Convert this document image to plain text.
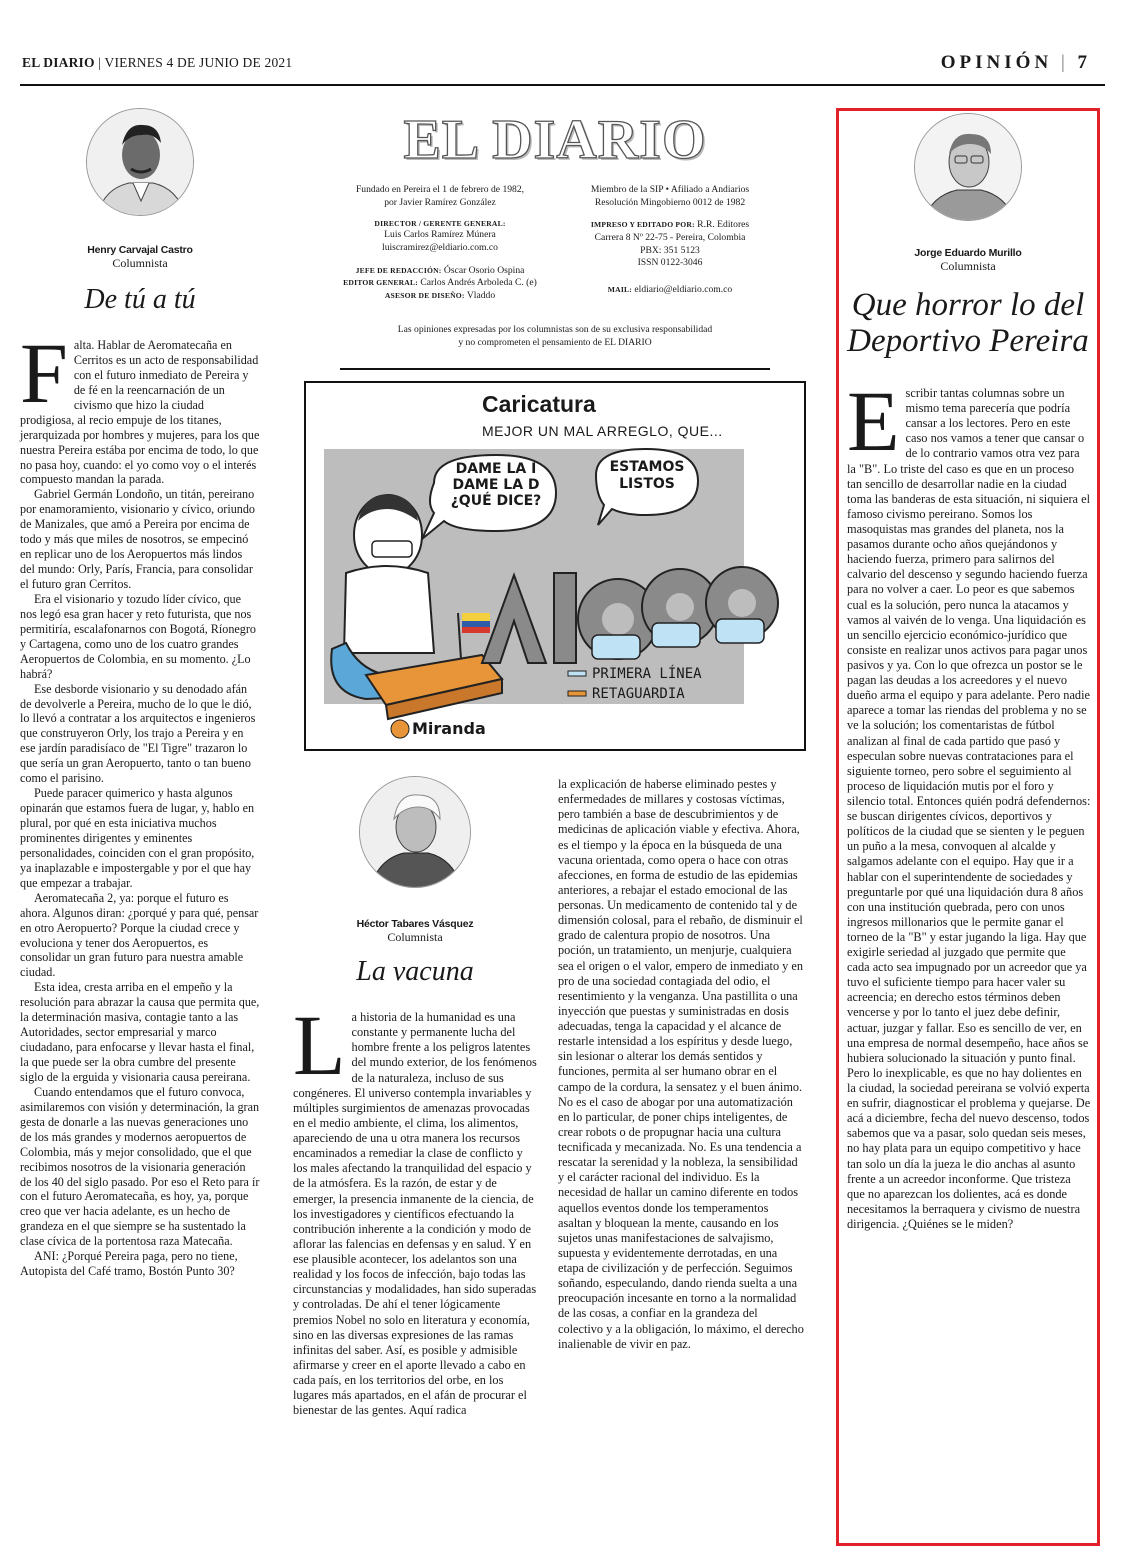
EL DIARIO | VIERNES 4 DE JUNIO DE 2021	OPINIÓN | 7
Henry Carvajal Castro
Columnista
De tú a tú
F alta. Hablar de Aeromatecaña en Cerritos es un acto de responsabilidad con el futuro inmediato de Pereira y de fé en la reencarnación de un civismo que hizo la ciudad prodigiosa, al recio empuje de los titanes, jerarquizada por hombres y mujeres, para los que nuestra Pereira estába por encima de todo, lo que no pasa hoy, cuando: el yo como voy o el interés compuesto mandan la parada.

Gabriel Germán Londoño, un titán, pereirano por enamoramiento, visionario y cívico, oriundo de Manizales, que amó a Pereira por encima de todo y más que miles de nosotros, se empecinó en replicar uno de los Aeropuertos más lindos del mundo: Orly, París, Francia, para consolidar el futuro gran Cerritos.

Era el visionario y tozudo líder cívico, que nos legó esa gran hacer y reto futurista, que nos permitiría, escalafonarnos con Bogotá, Ríonegro y Cartagena, como uno de los cuatro grandes Aeropuertos de Colombia, en su momento. ¿Lo habrá?

Ese desborde visionario y su denodado afán de devolverle a Pereira, mucho de lo que le dió, lo llevó a contratar a los arquitectos e ingenieros que construyeron Orly, los trajo a Pereira y en ese jardín paradisíaco de "El Tigre" trazaron lo que sería un gran Aeropuerto, tanto o tan bueno como el parisino.

Puede paracer quimerico y hasta algunos opinarán que estamos fuera de lugar, y, hablo en plural, por qué en esta iniciativa muchos prominentes dirigentes y eminentes personalidades, coinciden con el gran propósito, ya inaplazable e impostergable y por el que hay que empezar a trabajar.

Aeromatecaña 2, ya: porque el futuro es ahora. Algunos diran: ¿porqué y para qué, pensar en otro Aeropuerto? Porque la ciudad crece y evoluciona y tener dos Aeropuertos, es consolidar un gran futuro para nuestra amable ciudad.

Esta idea, cresta arriba en el empeño y la resolución para abrazar la causa que permita que, la determinación masiva, contagie tanto a las Autoridades, sector empresarial y marco ciudadano, para enfocarse y llevar hasta el final, la que puede ser la obra cumbre del presente siglo de la erguida y visionaria causa pereirana.

Cuando entendamos que el futuro convoca, asimilaremos con visión y determinación, la gran gesta de donarle a las nuevas generaciones uno de los más grandes y modernos aeropuertos de Colombia, más y mejor consolidado, que el que recibimos nosotros de la visionaria generación de los 40 del siglo pasado. Por eso el Reto para ír con el futuro Aeromatecaña, es hoy, ya, porque creo que ver hacia adelante, es un hecho de grandeza en el que siempre se ha sustentado la clase cívica de la portentosa raza Matecaña.

ANI: ¿Porqué Pereira paga, pero no tiene, Autopista del Café tramo, Bostón Punto 30?

EL DIARIO
Fundado en Pereira el 1 de febrero de 1982,
por Javier Ramírez González
DIRECTOR / GERENTE GENERAL:
Luis Carlos Ramírez Múnera
luiscramirez@eldiario.com.co
JEFE DE REDACCIÓN: Óscar Osorio Ospina
EDITOR GENERAL: Carlos Andrés Arboleda C. (e)
ASESOR DE DISEÑO: Vladdo
Miembro de la SIP • Afiliado a Andiarios
Resolución Mingobierno 0012 de 1982
IMPRESO Y EDITADO POR: R.R. Editores
Carrera 8 Nº 22-75 - Pereira, Colombia
PBX: 351 5123
ISSN 0122-3046
MAIL: eldiario@eldiario.com.co
Las opiniones expresadas por los columnistas son de su exclusiva responsabilidad
y no comprometen el pensamiento de EL DIARIO
Caricatura
MEJOR UN MAL ARREGLO, QUE...
DAME LA I
DAME LA D
¿QUÉ DICE?
ESTAMOS
LISTOS
PRIMERA LÍNEA
RETAGUARDIA
Miranda
Héctor Tabares Vásquez
Columnista
La vacuna
L a historia de la humanidad es una constante y permanente lucha del hombre frente a los peligros latentes del mundo exterior, de los fenómenos de la naturaleza, incluso de sus congéneres. El universo contempla invariables y múltiples surgimientos de amenazas provocadas en el medio ambiente, el clima, los alimentos, apareciendo de una u otra manera los recursos encaminados a remediar la clase de conflicto y los males afectando la tranquilidad del espacio y de la atmósfera. Es la razón, de estar y de emerger, la presencia inmanente de la ciencia, de los investigadores y científicos efectuando la contribución inherente a la condición y modo de aflorar las falencias en defensas y en salud. Y en ese plausible acontecer, los adelantos son una realidad y los focos de infección, bajo todas las circunstancias y modalidades, han sido superadas y controladas. De ahí el tener lógicamente premios Nobel no solo en literatura y economía, sino en las diversas expresiones de las ramas infinitas del saber. Así, es posible y admisible afirmarse y creer en el aporte llevado a cabo en cada país, en los territorios del orbe, en los lugares más apartados, en el afán de procurar el bienestar de las gentes. Aquí radica

la explicación de haberse eliminado pestes y enfermedades de millares y costosas víctimas, pero también a base de descubrimientos y de medicinas de aplicación viable y efectiva. Ahora, es el tiempo y la época en la búsqueda de una vacuna orientada, como opera o hace con otras afecciones, en forma de estudio de las epidemias anteriores, a rebajar el estado emocional de las personas. Un medicamento de contenido tal y de dimensión colosal, para el rebaño, de disminuir el grado de calentura propio de nosotros. Una poción, un tratamiento, un menjurje, cualquiera sea el origen o el valor, empero de inmediato y en pro de una sociedad contagiada del odio, el resentimiento y la venganza. Una pastillita o una inyección que puestas y suministradas en dosis adecuadas, tenga la capacidad y el alcance de restarle intensidad a los espíritus y desde luego, sin lesionar o alterar los demás sentidos y funciones, permita al ser humano obrar en el campo de la cordura, la sensatez y el buen ánimo. No es el caso de abogar por una automatización en lo particular, de poner chips inteligentes, de crear robots o de propugnar hacia una cultura tecnificada y mecanizada. No. Es una tendencia a rescatar la serenidad y la nobleza, la sensibilidad y el carácter racional del individuo. Es la necesidad de hallar un camino diferente en todos aquellos eventos donde los temperamentos asaltan y bloquean la mente, causando en los sujetos unas manifestaciones de salvajismo, supuesta y evidentemente derrotadas, en una etapa de civilización y de perfección. Seguimos soñando, especulando, dando rienda suelta a una preocupación incesante en torno a la normalidad de las cosas, a confiar en la grandeza del colectivo y a la obligación, lo máximo, el derecho inalienable de vivir en paz.

Jorge Eduardo Murillo
Columnista
Que horror lo del Deportivo Pereira
E scribir tantas columnas sobre un mismo tema parecería que podría cansar a los lectores. Pero en este caso nos vamos a tener que cansar o de lo contrario vamos otra vez para la "B". Lo triste del caso es que en un proceso tan sencillo de desarrollar nadie en la ciudad toma las banderas de esta situación, ni siquiera el famoso civismo pereirano. Somos los masoquistas mas grandes del planeta, nos la pasamos durante ocho años quejándonos y haciendo fuerza, primero para salirnos del calvario del descenso y segundo haciendo fuerza para no volver a caer. Lo peor es que sabemos cual es la solución, pero nunca la atacamos y vamos al vaivén de lo venga. Una liquidación es un sencillo ejercicio económico-jurídico que consiste en realizar unos activos para pagar unos pasivos y ya. Con lo que ofrezca un postor se le pagan las deudas a los acreedores y el nuevo dueño arma el equipo y para adelante. Pero nadie aparece a tomar las riendas del problema y no se ve la solución; los comentaristas de fútbol analizan al final de cada partido que pasó y especulan sobre nuevas contrataciones para el siguiente torneo, pero sobre el seguimiento al proceso de liquidación mutis por el foro y silencio total. Entonces quién podrá defendernos: se buscan dirigentes cívicos, deportivos y políticos de la ciudad que se sienten y le peguen un puño a la mesa, convoquen al alcalde y salgamos adelante con el equipo. Hay que ir a hablar con el superintendente de sociedades y preguntarle por qué una liquidación dura 8 años con una institución quebrada, pero con unos ingresos millonarios que le permite ganar el torneo de la "B" y estar jugando la liga. Hay que exigirle seriedad al juzgado que permite que cada acto sea impugnado por un acreedor que ya tuvo el suficiente tiempo para hacer valer su acreencia; en derecho estos términos deben vencerse y por lo tanto el juez debe definir, actuar, juzgar y fallar. Eso es sencillo de ver, en una empresa de normal desempeño, hace años se hubiera solucionado la situación y punto final. Pero lo inexplicable, es que no hay dolientes en la ciudad, la sociedad pereirana se volvió experta en sufrir, diagnosticar el problema y quejarse. De acá a diciembre, fecha del nuevo descenso, todos sabemos que va a pasar, solo quedan seis meses, no hay plata para un equipo competitivo y hace tan solo un día la jueza le dio anchas al asunto frente a un acreedor inconforme. Que tristeza que no aparezcan los dolientes, acá es donde necesitamos la berraquera y civismo de nuestra dirigencia. ¿Quiénes se le miden?
